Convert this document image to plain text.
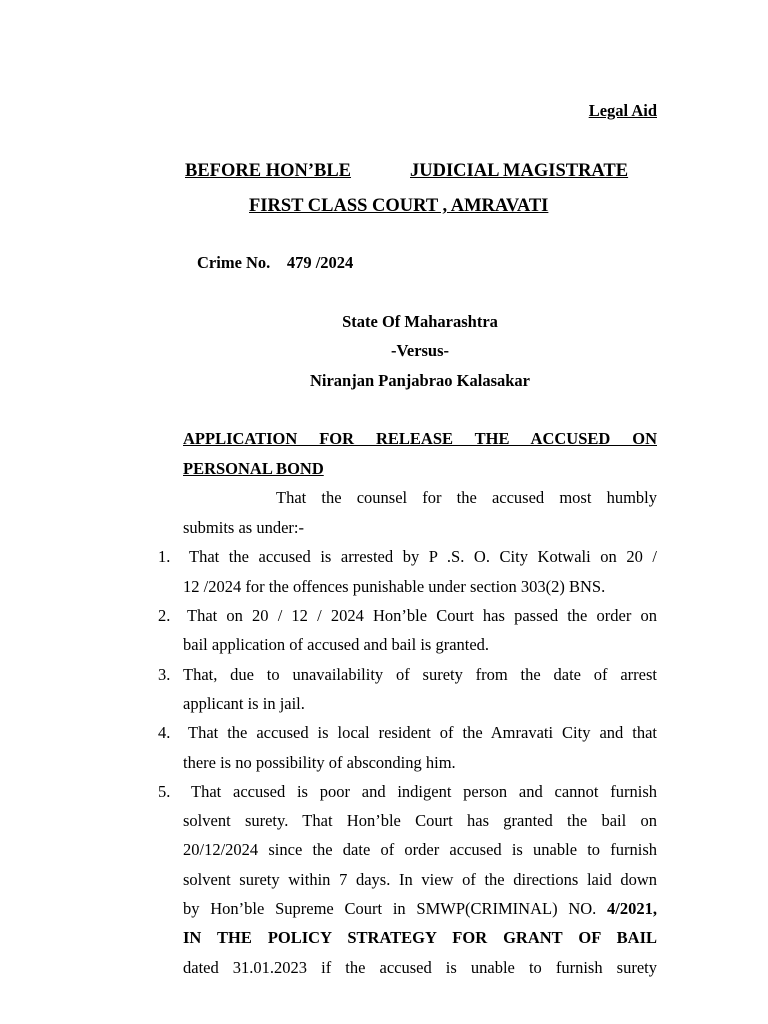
Legal Aid
BEFORE HON’BLE	JUDICIAL MAGISTRATE
FIRST CLASS COURT , AMRAVATI
Crime No. 479 /2024
State Of Maharashtra
-Versus-
Niranjan Panjabrao Kalasakar
APPLICATION FOR RELEASE THE ACCUSED ON
PERSONAL BOND
That the counsel for the accused most humbly
submits as under:-
1.	That the accused is arrested by P .S. O. City Kotwali on 20 /
12 /2024 for the offences punishable under section 303(2) BNS.
2. That on 20 / 12 / 2024 Hon’ble Court has passed the order on
bail application of accused and bail is granted.
3. That, due to unavailability of surety from the date of arrest
applicant is in jail.
4.	That the accused is local resident of the Amravati City and that
there is no possibility of absconding him.
5.	That accused is poor and indigent person and cannot furnish
solvent surety. That Hon’ble Court has granted the bail on
20/12/2024 since the date of order accused is unable to furnish
solvent surety within 7 days. In view of the directions laid down
by Hon’ble Supreme Court in SMWP(CRIMINAL) NO. 4/2021,
IN THE POLICY STRATEGY FOR GRANT OF BAIL
dated 31.01.2023 if the accused is unable to furnish surety
